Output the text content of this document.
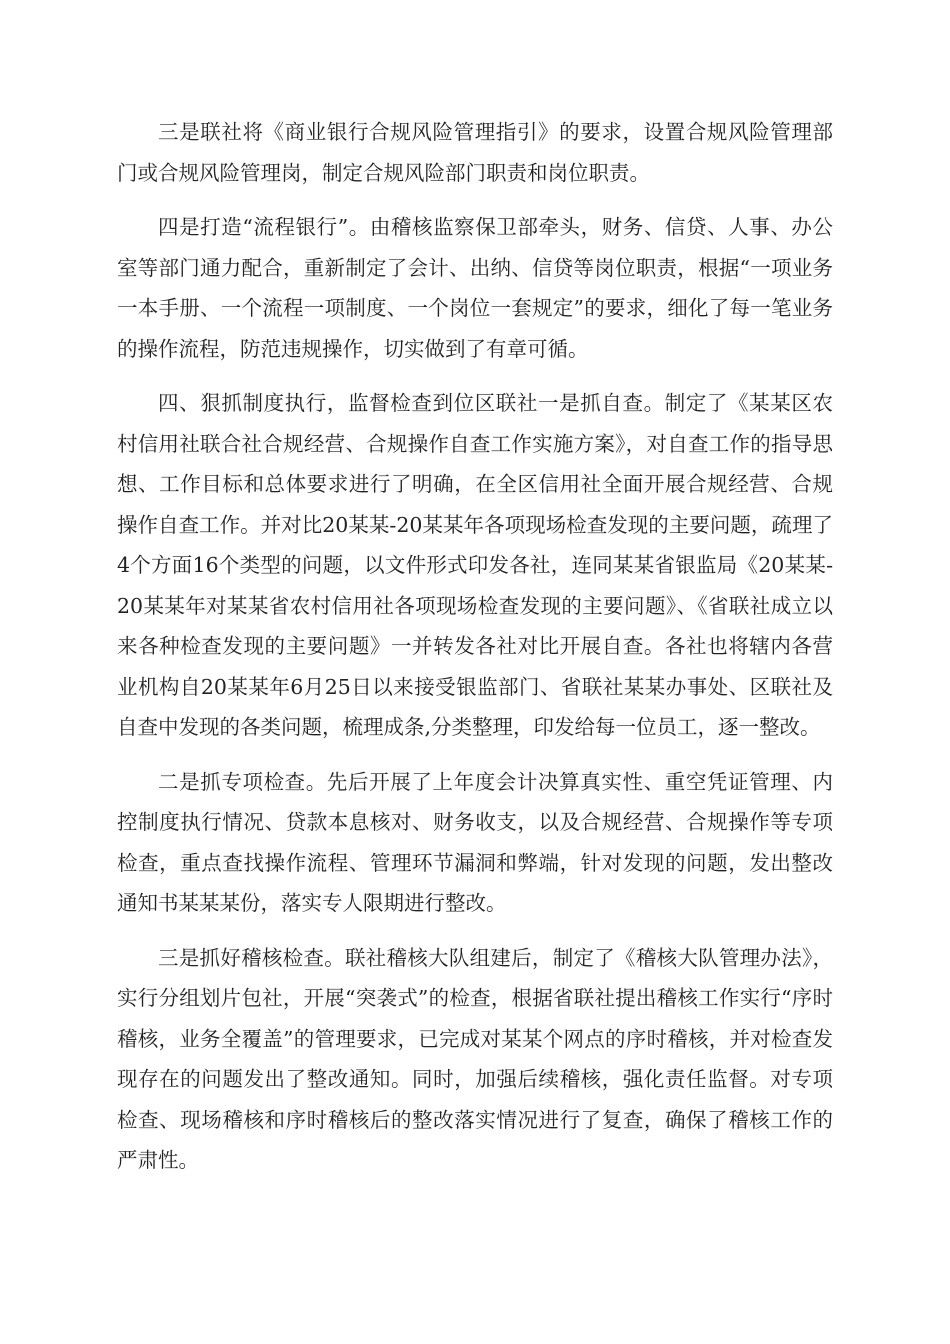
三是联社将《商业银行合规风险管理指引》的要求，设置合规风险管理部门或合规风险管理岗，制定合规风险部门职责和岗位职责。

四是打造“流程银行”。由稽核监察保卫部牵头，财务、信贷、人事、办公室等部门通力配合，重新制定了会计、出纳、信贷等岗位职责，根据“一项业务一本手册、一个流程一项制度、一个岗位一套规定”的要求，细化了每一笔业务的操作流程，防范违规操作，切实做到了有章可循。

四、狠抓制度执行，监督检查到位区联社一是抓自查。制定了《某某区农村信用社联合社合规经营、合规操作自查工作实施方案》，对自查工作的指导思想、工作目标和总体要求进行了明确，在全区信用社全面开展合规经营、合规操作自查工作。并对比20某某-20某某年各项现场检查发现的主要问题，疏理了4个方面16个类型的问题，以文件形式印发各社，连同某某省银监局《20某某-20某某年对某某省农村信用社各项现场检查发现的主要问题》、《省联社成立以来各种检查发现的主要问题》一并转发各社对比开展自查。各社也将辖内各营业机构自20某某年6月25日以来接受银监部门、省联社某某办事处、区联社及自查中发现的各类问题，梳理成条,分类整理，印发给每一位员工，逐一整改。

二是抓专项检查。先后开展了上年度会计决算真实性、重空凭证管理、内控制度执行情况、贷款本息核对、财务收支，以及合规经营、合规操作等专项检查，重点查找操作流程、管理环节漏洞和弊端，针对发现的问题，发出整改通知书某某某份，落实专人限期进行整改。

三是抓好稽核检查。联社稽核大队组建后，制定了《稽核大队管理办法》，实行分组划片包社，开展“突袭式”的检查，根据省联社提出稽核工作实行“序时稽核，业务全覆盖”的管理要求，已完成对某某个网点的序时稽核，并对检查发现存在的问题发出了整改通知。同时，加强后续稽核，强化责任监督。对专项检查、现场稽核和序时稽核后的整改落实情况进行了复查，确保了稽核工作的严肃性。
